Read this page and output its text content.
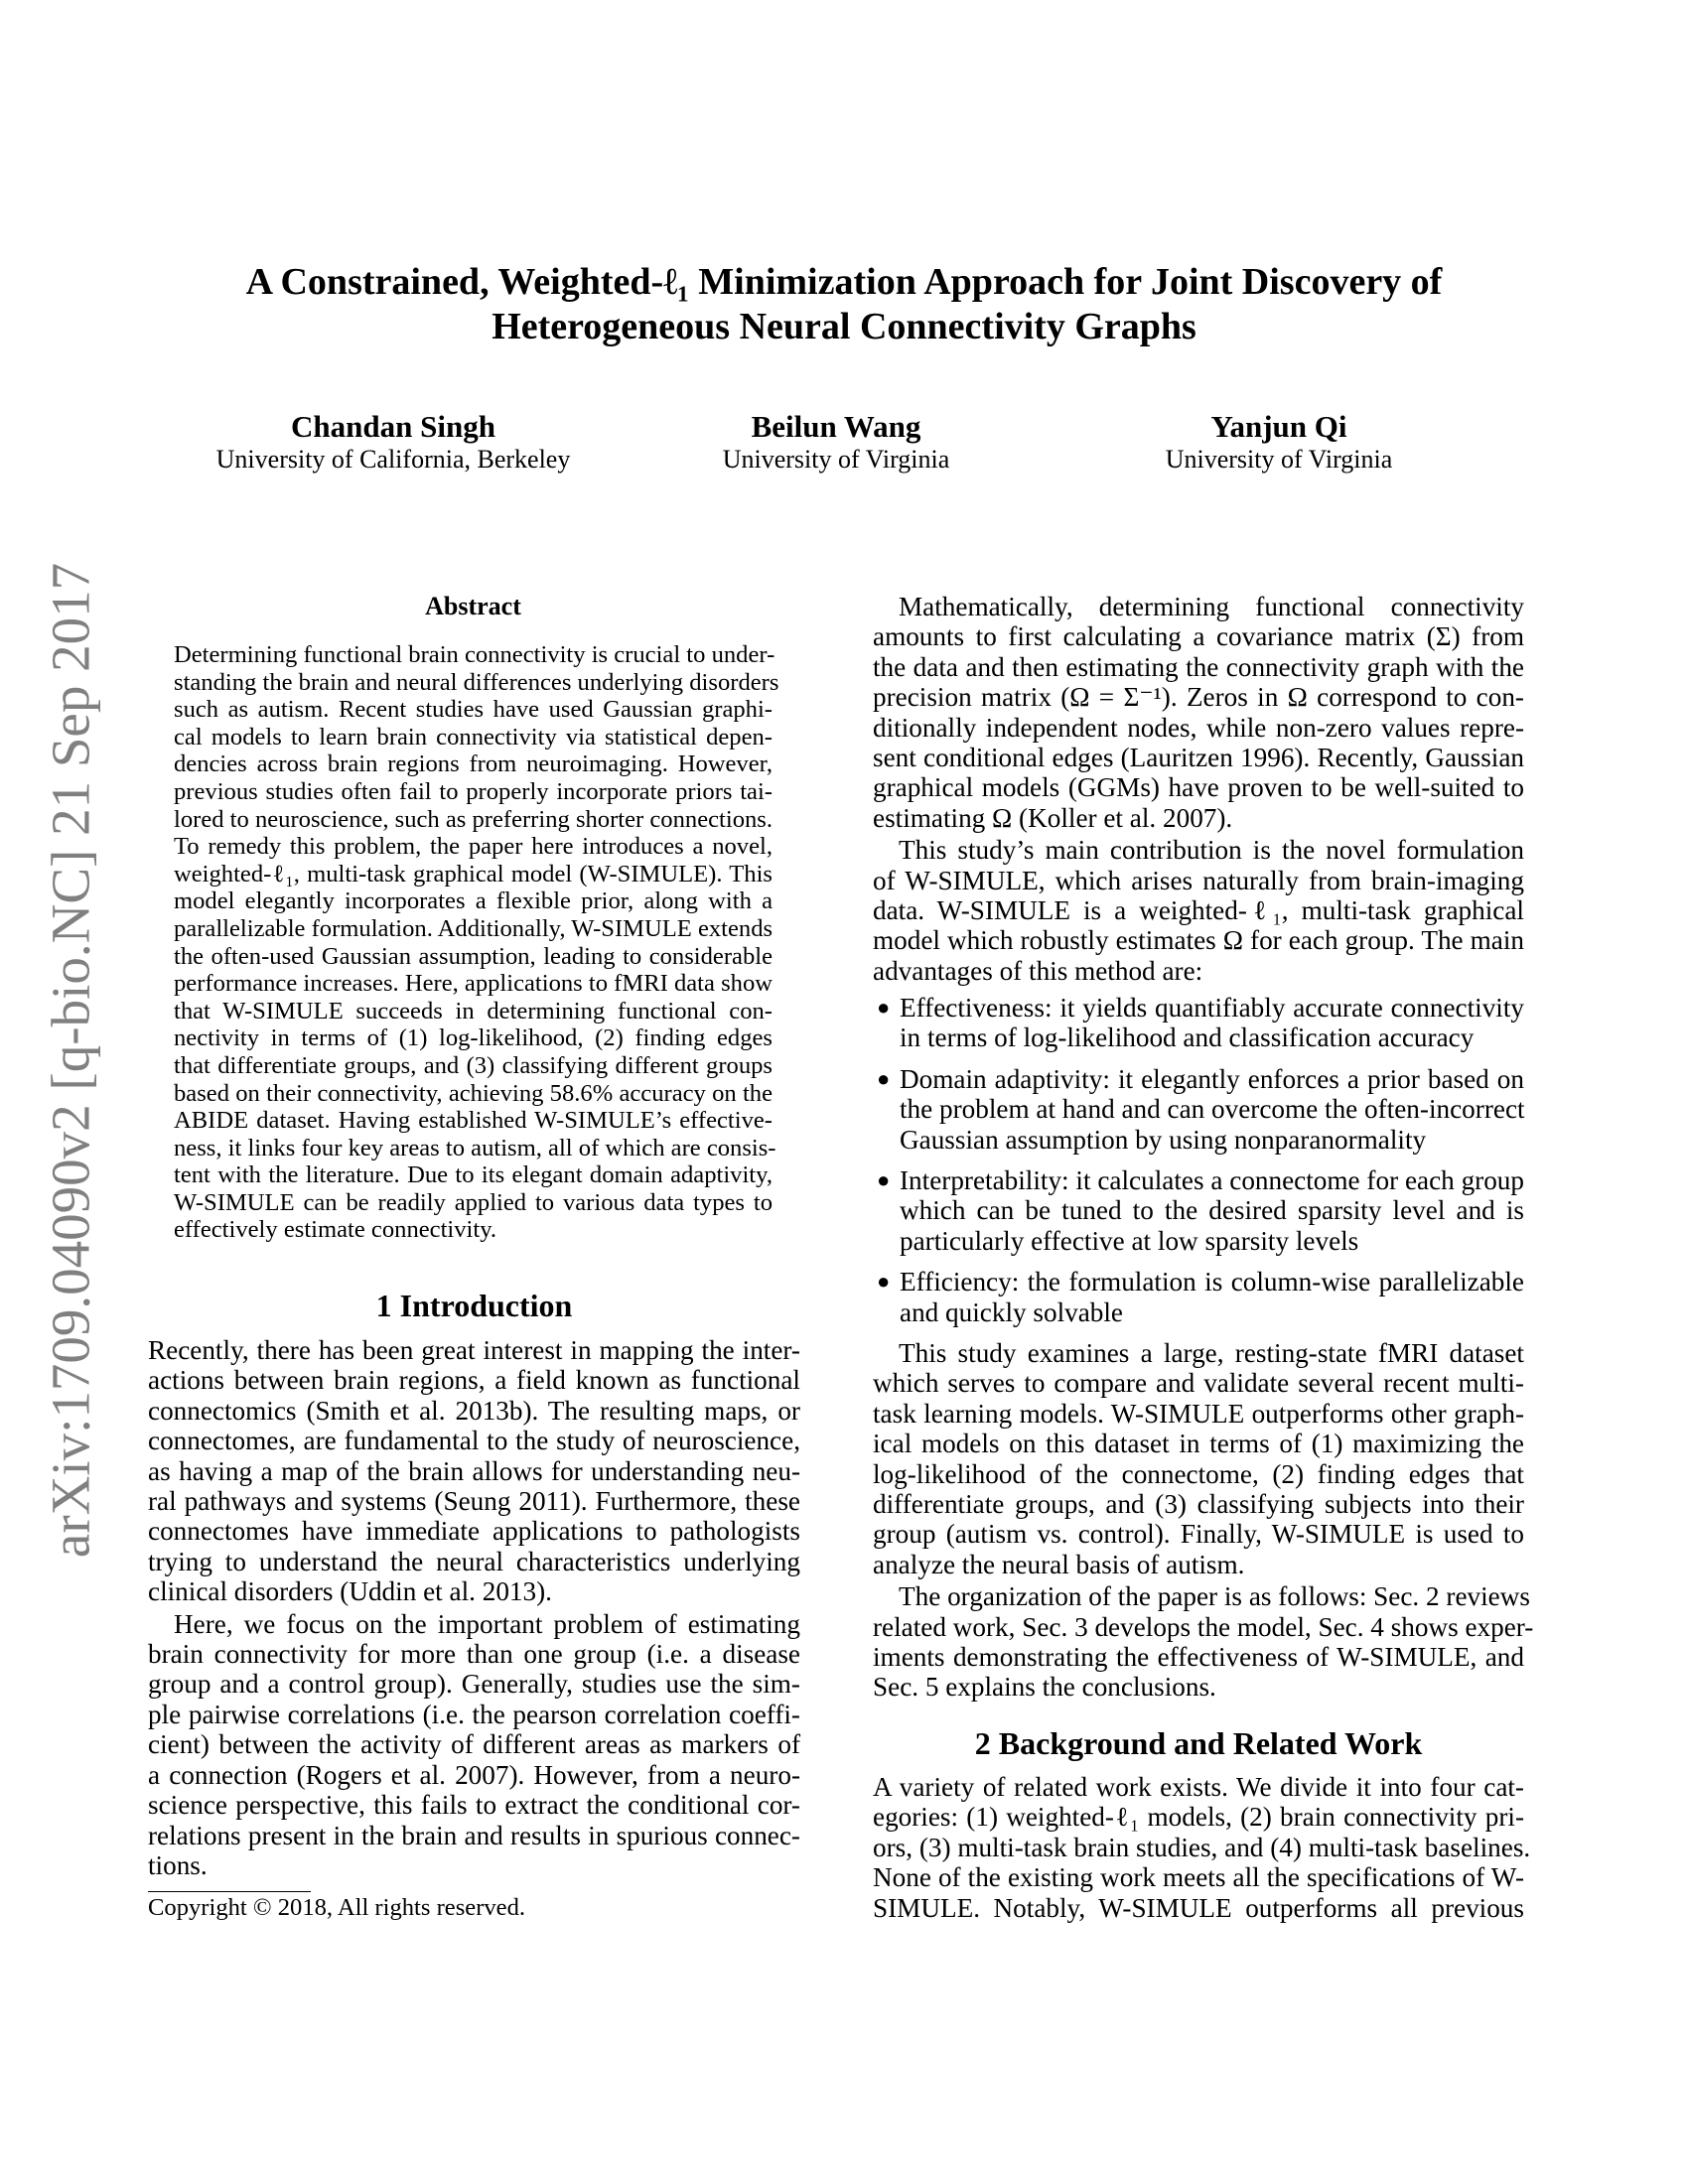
arXiv:1709.04090v2 [q-bio.NC] 21 Sep 2017
A Constrained, Weighted-ℓ₁ Minimization Approach for Joint Discovery of
Heterogeneous Neural Connectivity Graphs
Chandan Singh
University of California, Berkeley
Beilun Wang
University of Virginia
Yanjun Qi
University of Virginia
Abstract
Determining functional brain connectivity is crucial to under-
standing the brain and neural differences underlying disorders
such as autism. Recent studies have used Gaussian graphi-
cal models to learn brain connectivity via statistical depen-
dencies across brain regions from neuroimaging. However,
previous studies often fail to properly incorporate priors tai-
lored to neuroscience, such as preferring shorter connections.
To remedy this problem, the paper here introduces a novel,
weighted-ℓ₁, multi-task graphical model (W-SIMULE). This
model elegantly incorporates a flexible prior, along with a
parallelizable formulation. Additionally, W-SIMULE extends
the often-used Gaussian assumption, leading to considerable
performance increases. Here, applications to fMRI data show
that W-SIMULE succeeds in determining functional con-
nectivity in terms of (1) log-likelihood, (2) finding edges
that differentiate groups, and (3) classifying different groups
based on their connectivity, achieving 58.6% accuracy on the
ABIDE dataset. Having established W-SIMULE’s effective-
ness, it links four key areas to autism, all of which are consis-
tent with the literature. Due to its elegant domain adaptivity,
W-SIMULE can be readily applied to various data types to
effectively estimate connectivity.
1 Introduction
Recently, there has been great interest in mapping the inter-
actions between brain regions, a field known as functional
connectomics (Smith et al. 2013b). The resulting maps, or
connectomes, are fundamental to the study of neuroscience,
as having a map of the brain allows for understanding neu-
ral pathways and systems (Seung 2011). Furthermore, these
connectomes have immediate applications to pathologists
trying to understand the neural characteristics underlying
clinical disorders (Uddin et al. 2013).
Here, we focus on the important problem of estimating
brain connectivity for more than one group (i.e. a disease
group and a control group). Generally, studies use the sim-
ple pairwise correlations (i.e. the pearson correlation coeffi-
cient) between the activity of different areas as markers of
a connection (Rogers et al. 2007). However, from a neuro-
science perspective, this fails to extract the conditional cor-
relations present in the brain and results in spurious connec-
tions.
Copyright © 2018, All rights reserved.
Mathematically, determining functional connectivity
amounts to first calculating a covariance matrix (Σ) from
the data and then estimating the connectivity graph with the
precision matrix (Ω = Σ⁻¹). Zeros in Ω correspond to con-
ditionally independent nodes, while non-zero values repre-
sent conditional edges (Lauritzen 1996). Recently, Gaussian
graphical models (GGMs) have proven to be well-suited to
estimating Ω (Koller et al. 2007).
This study’s main contribution is the novel formulation
of W-SIMULE, which arises naturally from brain-imaging
data. W-SIMULE is a weighted-ℓ₁, multi-task graphical
model which robustly estimates Ω for each group. The main
advantages of this method are:
● Effectiveness: it yields quantifiably accurate connectivity
in terms of log-likelihood and classification accuracy
● Domain adaptivity: it elegantly enforces a prior based on
the problem at hand and can overcome the often-incorrect
Gaussian assumption by using nonparanormality
● Interpretability: it calculates a connectome for each group
which can be tuned to the desired sparsity level and is
particularly effective at low sparsity levels
● Efficiency: the formulation is column-wise parallelizable
and quickly solvable
This study examines a large, resting-state fMRI dataset
which serves to compare and validate several recent multi-
task learning models. W-SIMULE outperforms other graph-
ical models on this dataset in terms of (1) maximizing the
log-likelihood of the connectome, (2) finding edges that
differentiate groups, and (3) classifying subjects into their
group (autism vs. control). Finally, W-SIMULE is used to
analyze the neural basis of autism.
The organization of the paper is as follows: Sec. 2 reviews
related work, Sec. 3 develops the model, Sec. 4 shows exper-
iments demonstrating the effectiveness of W-SIMULE, and
Sec. 5 explains the conclusions.
2 Background and Related Work
A variety of related work exists. We divide it into four cat-
egories: (1) weighted-ℓ₁ models, (2) brain connectivity pri-
ors, (3) multi-task brain studies, and (4) multi-task baselines.
None of the existing work meets all the specifications of W-
SIMULE. Notably, W-SIMULE outperforms all previous
